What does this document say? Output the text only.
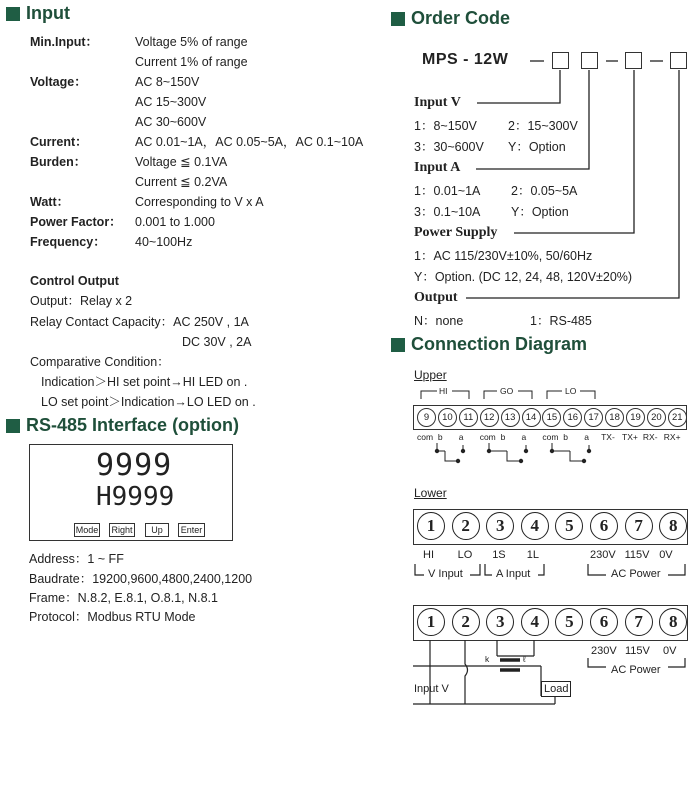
Input
Min.Input：	Voltage 5% of range
Current 1% of range
Voltage：	AC 8~150V
AC 15~300V
AC 30~600V
Current：	AC 0.01~1A，AC 0.05~5A，AC 0.1~10A
Burden：	Voltage ≦ 0.1VA
Current ≦ 0.2VA
Watt：	Corresponding to V x A
Power Factor： 0.001 to 1.000
Frequency： 40~100Hz
Control Output
Output：Relay x 2
Relay Contact Capacity：AC 250V , 1A
DC 30V , 2A
Comparative Condition：
Indication＞HI set point→HI LED on .
LO set point＞Indication→LO LED on .
RS-485 Interface (option)
9999
H9999
Mode Right	Up	Enter
Address：1 ~ FF
Baudrate：19200,9600,4800,2400,1200
Frame：N.8.2, E.8.1, O.8.1, N.8.1
Protocol：Modbus RTU Mode
Order Code
MPS - 12W
Input V
1：8~150V 2：15~300V
3：30~600V Y：Option
Input A
1：0.01~1A 2：0.05~5A
3：0.1~10A Y：Option
Power Supply
1：AC 115/230V±10%, 50/60Hz
Y：Option. (DC 12, 24, 48, 120V±20%)
Output
N：none	1：RS-485
Connection Diagram
Upper
9	10	11	12	13	14	15	16	17	18	19	20	21
HI	GO	LO
com b a com b a com b a TX- TX+ RX- RX+
Lower
1	2	3	4	5	6	7	8
HI LO 1S 1L	230V 115V 0V
V Input	A Input	AC Power
1	2	3	4	5	6	7	8
k	ℓ
230V 115V 0V
AC Power
Input V	Load
